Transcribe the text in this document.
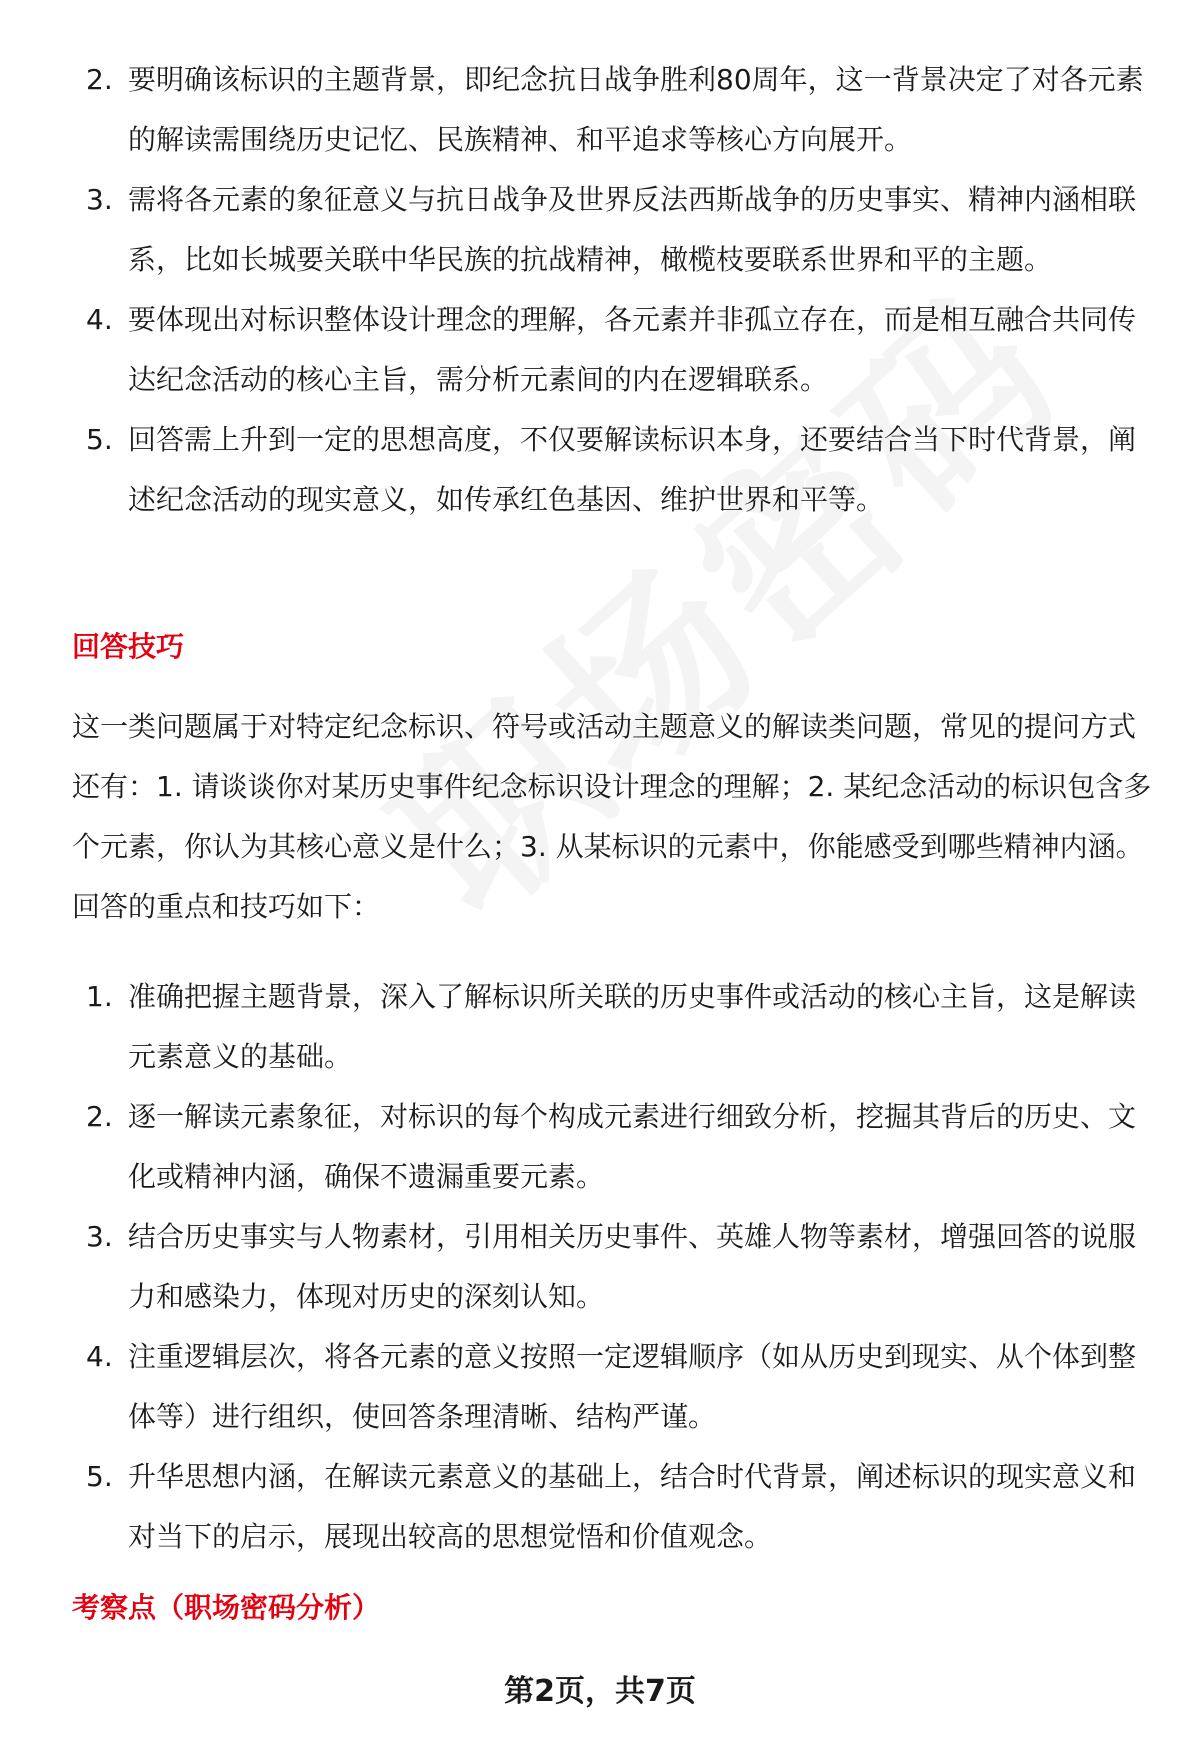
2. 要明确该标识的主题背景，即纪念抗日战争胜利80周年，这一背景决定了对各元素的解读需围绕历史记忆、民族精神、和平追求等核心方向展开。
3. 需将各元素的象征意义与抗日战争及世界反法西斯战争的历史事实、精神内涵相联系，比如长城要关联中华民族的抗战精神，橄榄枝要联系世界和平的主题。
4. 要体现出对标识整体设计理念的理解，各元素并非孤立存在，而是相互融合共同传达纪念活动的核心主旨，需分析元素间的内在逻辑联系。
5. 回答需上升到一定的思想高度，不仅要解读标识本身，还要结合当下时代背景，阐述纪念活动的现实意义，如传承红色基因、维护世界和平等。
回答技巧

这一类问题属于对特定纪念标识、符号或活动主题意义的解读类问题，常见的提问方式还有：1. 请谈谈你对某历史事件纪念标识设计理念的理解；2. 某纪念活动的标识包含多个元素，你认为其核心意义是什么；3. 从某标识的元素中，你能感受到哪些精神内涵。 回答的重点和技巧如下：

1. 准确把握主题背景，深入了解标识所关联的历史事件或活动的核心主旨，这是解读元素意义的基础。
2. 逐一解读元素象征，对标识的每个构成元素进行细致分析，挖掘其背后的历史、文化或精神内涵，确保不遗漏重要元素。
3. 结合历史事实与人物素材，引用相关历史事件、英雄人物等素材，增强回答的说服力和感染力，体现对历史的深刻认知。
4. 注重逻辑层次，将各元素的意义按照一定逻辑顺序（如从历史到现实、从个体到整体等）进行组织，使回答条理清晰、结构严谨。
5. 升华思想内涵，在解读元素意义的基础上，结合时代背景，阐述标识的现实意义和对当下的启示，展现出较高的思想觉悟和价值观念。
考察点（职场密码分析）
第2页，共7页
